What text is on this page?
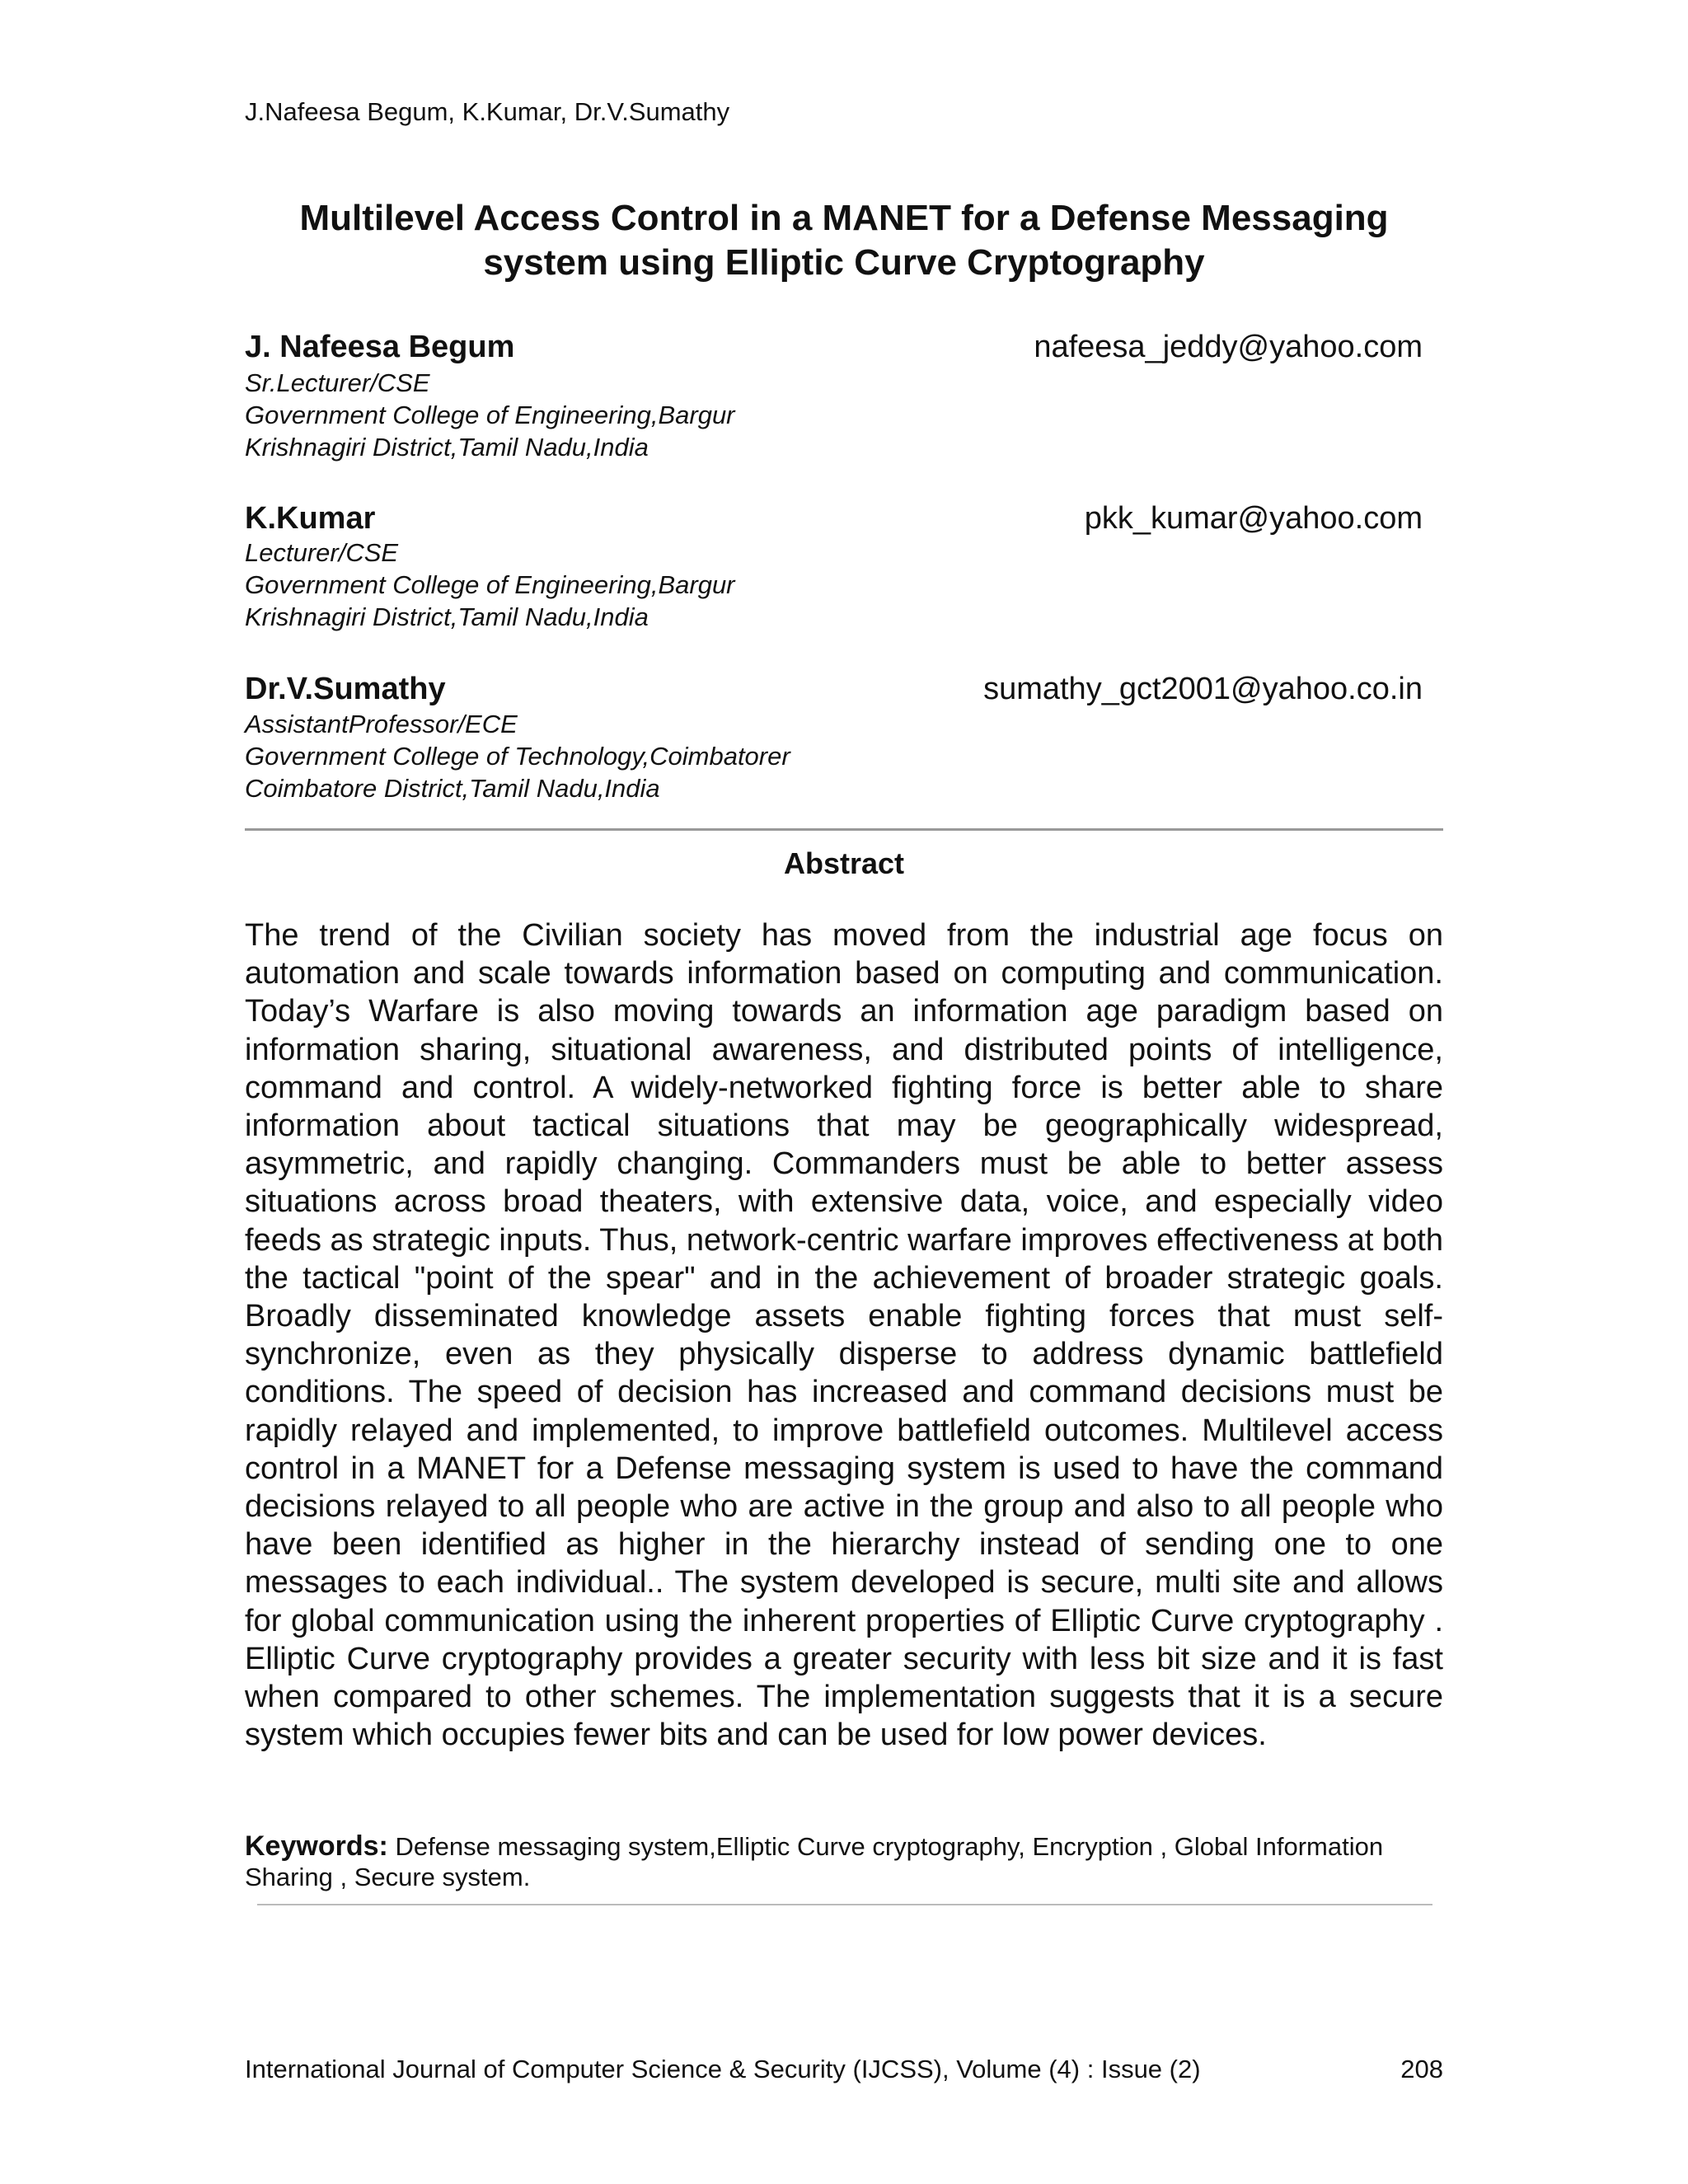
J.Nafeesa Begum, K.Kumar, Dr.V.Sumathy
Multilevel Access Control in a MANET for a Defense Messaging
system using Elliptic Curve Cryptography
J. Nafeesa Begum	nafeesa_jeddy@yahoo.com
Sr.Lecturer/CSE
Government College of Engineering,Bargur
Krishnagiri District,Tamil Nadu,India
K.Kumar	pkk_kumar@yahoo.com
Lecturer/CSE
Government College of Engineering,Bargur
Krishnagiri District,Tamil Nadu,India
Dr.V.Sumathy	sumathy_gct2001@yahoo.co.in
AssistantProfessor/ECE
Government College of Technology,Coimbatorer
Coimbatore District,Tamil Nadu,India
Abstract

The trend of the Civilian society has moved from the industrial age focus on automation and scale towards information based on computing and communication. Today’s Warfare is also moving towards an information age paradigm based on information sharing, situational awareness, and distributed points of intelligence, command and control. A widely-networked fighting force is better able to share information about tactical situations that may be geographically widespread, asymmetric, and rapidly changing. Commanders must be able to better assess situations across broad theaters, with extensive data, voice, and especially video feeds as strategic inputs. Thus, network-centric warfare improves effectiveness at both the tactical "point of the spear" and in the achievement of broader strategic goals. Broadly disseminated knowledge assets enable fighting forces that must self-synchronize, even as they physically disperse to address dynamic battlefield conditions. The speed of decision has increased and command decisions must be rapidly relayed and implemented, to improve battlefield outcomes. Multilevel access control in a MANET for a Defense messaging system is used to have the command decisions relayed to all people who are active in the group and also to all people who have been identified as higher in the hierarchy instead of sending one to one messages to each individual.. The system developed is secure, multi site and allows for global communication using the inherent properties of Elliptic Curve cryptography . Elliptic Curve cryptography provides a greater security with less bit size and it is fast when compared to other schemes. The implementation suggests that it is a secure system which occupies fewer bits and can be used for low power devices.

Keywords: Defense messaging system,Elliptic Curve cryptography, Encryption , Global Information Sharing , Secure system.
International Journal of Computer Science & Security (IJCSS), Volume (4) : Issue (2)	208
